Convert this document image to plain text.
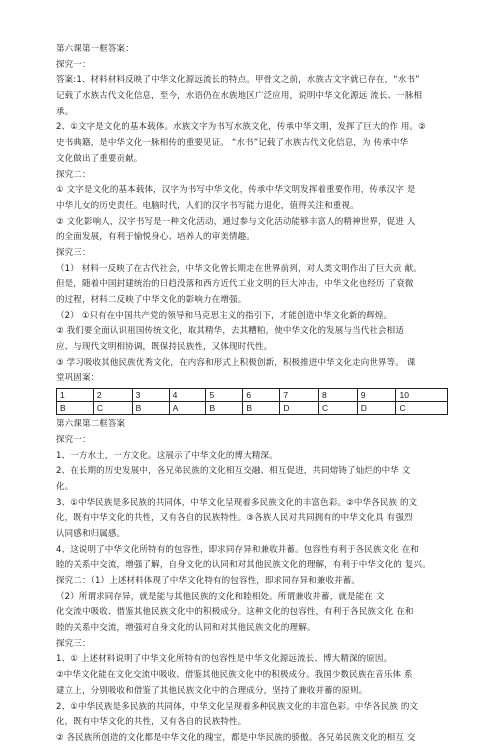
第六课第一框答案：
探究一：
答案:1、材料材料反映了中华文化源远流长的特点。甲骨文之前，水族古文字就已存在，“水书”
记载了水族古代文化信息，至今，水语仍在水族地区广泛应用，说明中华文化源远 流长、一脉相
承。
2、①文字是文化的基本载体。水族文字为书写水族文化，传承中华文明，发挥了巨大的作 用。②
史书典籍，是中华文化一脉相传的重要见证。 “水书”记载了水族古代文化信息，为 传承中华
文化做出了重要贡献。
探究二：
① 文字是文化的基本载体，汉字为书写中华文化，传承中华文明发挥着重要作用，传承汉字 是
中华儿女的历史责任。电脑时代，人们的汉字书写能力退化，值得关注和重视。
② 文化影响人，汉字书写是一种文化活动，通过参与文化活动能够丰富人的精神世界，促进 人
的全面发展，有利于愉悦身心、培养人的审美情趣。
探究三：
（1） 材料一反映了在古代社会，中华文化曾长期走在世界前列，对人类文明作出了巨大贡 献。
但是，随着中国封建统治的日趋没落和西方近代工业文明的巨大冲击，中华文化也经历 了衰微
的过程，材料二反映了中华文化的影响力在增强。
（2） ①只有在中国共产党的领导和马克思主义的指引下，才能创造中华文化新的辉煌。
② 我们要全面认识祖国传统文化，取其精华，去其糟粕，使中华文化的发展与当代社会相适
应、与现代文明相协调，既保持民族性，又体现时代性。
③ 学习吸收其他民族优秀文化，在内容和形式上积极创新，积极推进中华文化走向世界等。 课
堂巩固案：
1	2	3	4	5	6	7	8	9	10
B	C	B	A	B	B	D	C	D	C
第六课第二框答案
探究一：
1、一方水土，一方文化。这展示了中华文化的博大精深。
2、在长期的历史发展中，各兄弟民族的文化相互交融、相互促进，共同熔铸了灿烂的中华 文
化。
3、①中华民族是多民族的共同体，中华文化呈现着多民族文化的丰富色彩。②中华各民族 的文
化，既有中华文化的共性，又有各自的民族特性。③各族人民对共同拥有的中华文化具 有强烈
认同感和归属感。
4、这说明了中华文化所特有的包容性，即求同存异和兼收并蓄。包容性有利于各民族文化 在和
睦的关系中交流，增强了解，自身文化的认同和对其他民族文化的理解，有利于中华文化的 复兴。
探究二：（1）上述材料体现了中华文化特有的包容性，即求同存异和兼收并蓄。
（2）所谓求同存异，就是能与其他民族的文化和睦相处。所谓兼收并蓄，就是能在 文
化交流中吸收、借鉴其他民族文化中的积极成分。这种文化的包容性，有利于各民族文化 在和
睦的关系中交流，增强对自身文化的认同和对其他民族文化的理解。
探究三：
1、① 上述材料说明了中华文化所特有的包容性是中华文化源远流长、博大精深的原因。
②中华文化能在文化交流中吸收、借鉴其他民族文化中的积极成分。我国少数民族在音乐体 系
建立上，分别吸收和借鉴了其他民族文化中的合理成分，坚持了兼收并蓄的原则。
2、①中华民族是多民族的共同体，中华文化呈现着多种民族文化的丰富色彩。中华各民族 的文
化，既有中华文化的共性，又有各自的民族特性。
② 各民族所创造的文化都是中华文化的瑰宝，都是中华民族的骄傲。各兄弟民族文化的相互 交
